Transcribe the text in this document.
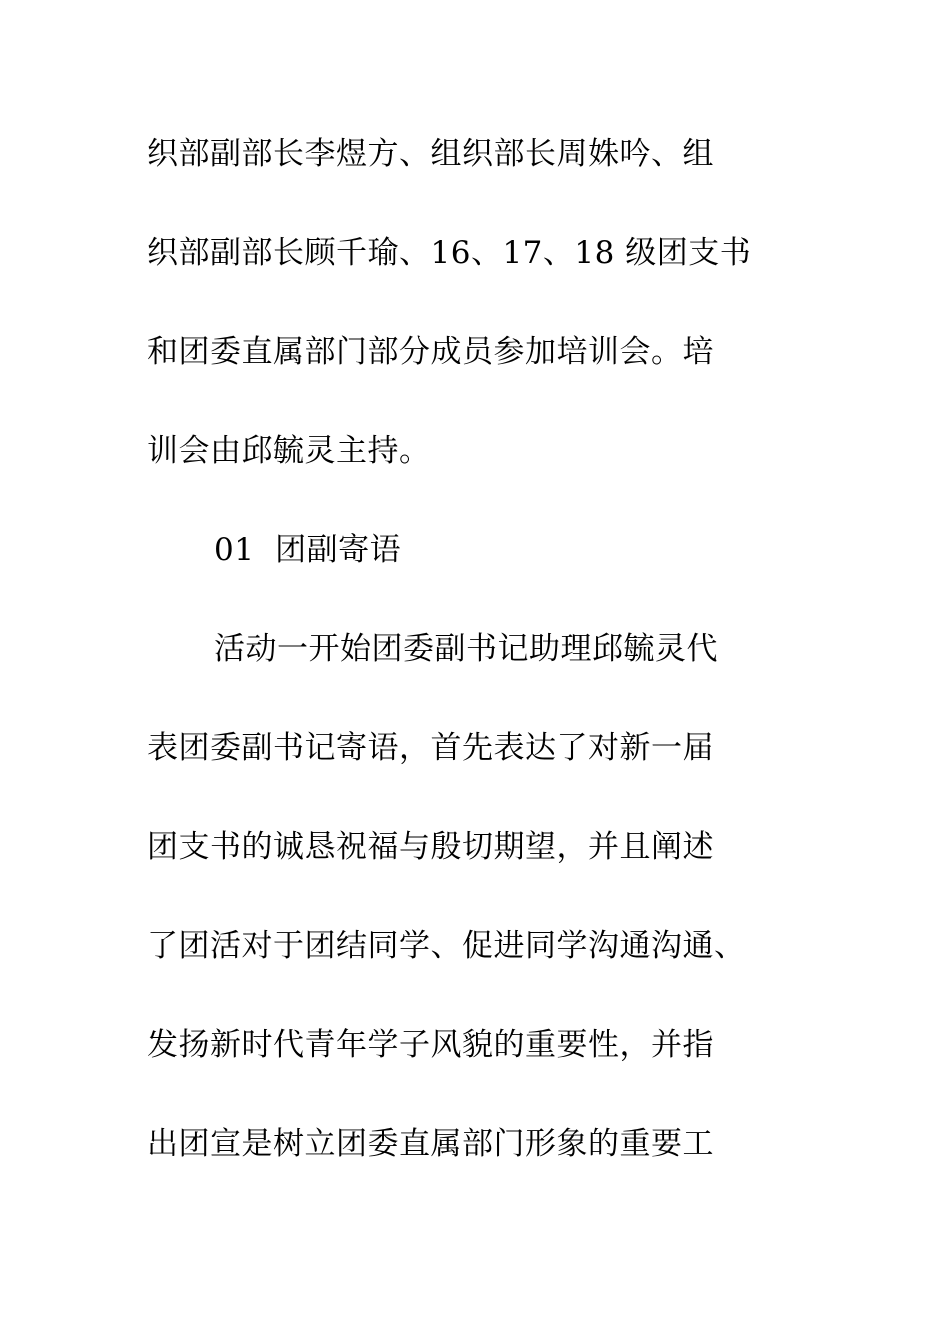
织部副部长李煜方、组织部长周姝吟、组
织部副部长顾千瑜、16、17、18 级团支书
和团委直属部门部分成员参加培训会。培
训会由邱毓灵主持。
01  团副寄语
活动一开始团委副书记助理邱毓灵代
表团委副书记寄语，首先表达了对新一届
团支书的诚恳祝福与殷切期望，并且阐述
了团活对于团结同学、促进同学沟通沟通、
发扬新时代青年学子风貌的重要性，并指
出团宣是树立团委直属部门形象的重要工
